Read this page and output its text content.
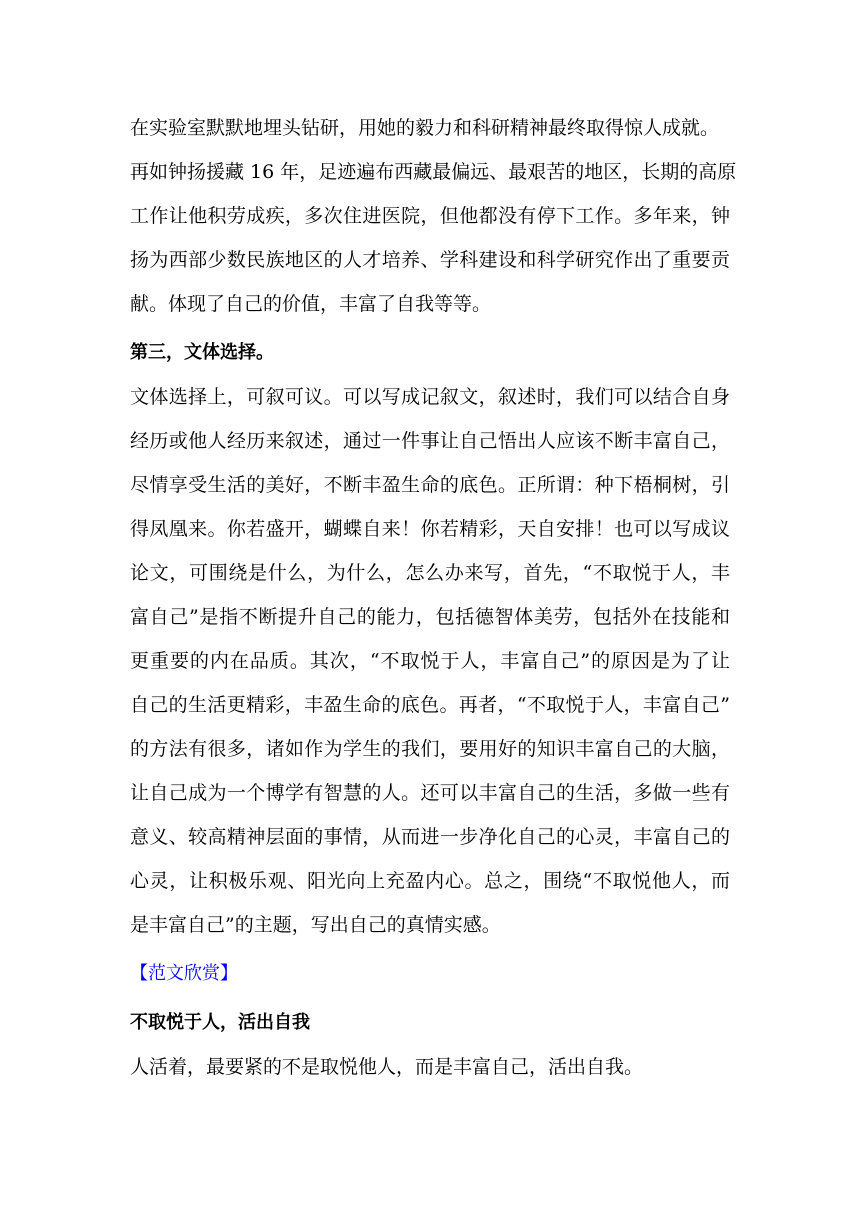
在实验室默默地埋头钻研，用她的毅力和科研精神最终取得惊人成就。
再如钟扬援藏 16 年，足迹遍布西藏最偏远、最艰苦的地区，长期的高原
工作让他积劳成疾，多次住进医院，但他都没有停下工作。多年来，钟
扬为西部少数民族地区的人才培养、学科建设和科学研究作出了重要贡
献。体现了自己的价值，丰富了自我等等。
第三，文体选择。
文体选择上，可叙可议。可以写成记叙文，叙述时，我们可以结合自身
经历或他人经历来叙述，通过一件事让自己悟出人应该不断丰富自己，
尽情享受生活的美好，不断丰盈生命的底色。正所谓：种下梧桐树，引
得凤凰来。你若盛开，蝴蝶自来！你若精彩，天自安排！也可以写成议
论文，可围绕是什么，为什么，怎么办来写，首先，“不取悦于人，丰
富自己”是指不断提升自己的能力，包括德智体美劳，包括外在技能和
更重要的内在品质。其次，“不取悦于人，丰富自己”的原因是为了让
自己的生活更精彩，丰盈生命的底色。再者，“不取悦于人，丰富自己”
的方法有很多，诸如作为学生的我们，要用好的知识丰富自己的大脑，
让自己成为一个博学有智慧的人。还可以丰富自己的生活，多做一些有
意义、较高精神层面的事情，从而进一步净化自己的心灵，丰富自己的
心灵，让积极乐观、阳光向上充盈内心。总之，围绕“不取悦他人，而
是丰富自己”的主题，写出自己的真情实感。
【范文欣赏】
不取悦于人，活出自我
人活着，最要紧的不是取悦他人，而是丰富自己，活出自我。
